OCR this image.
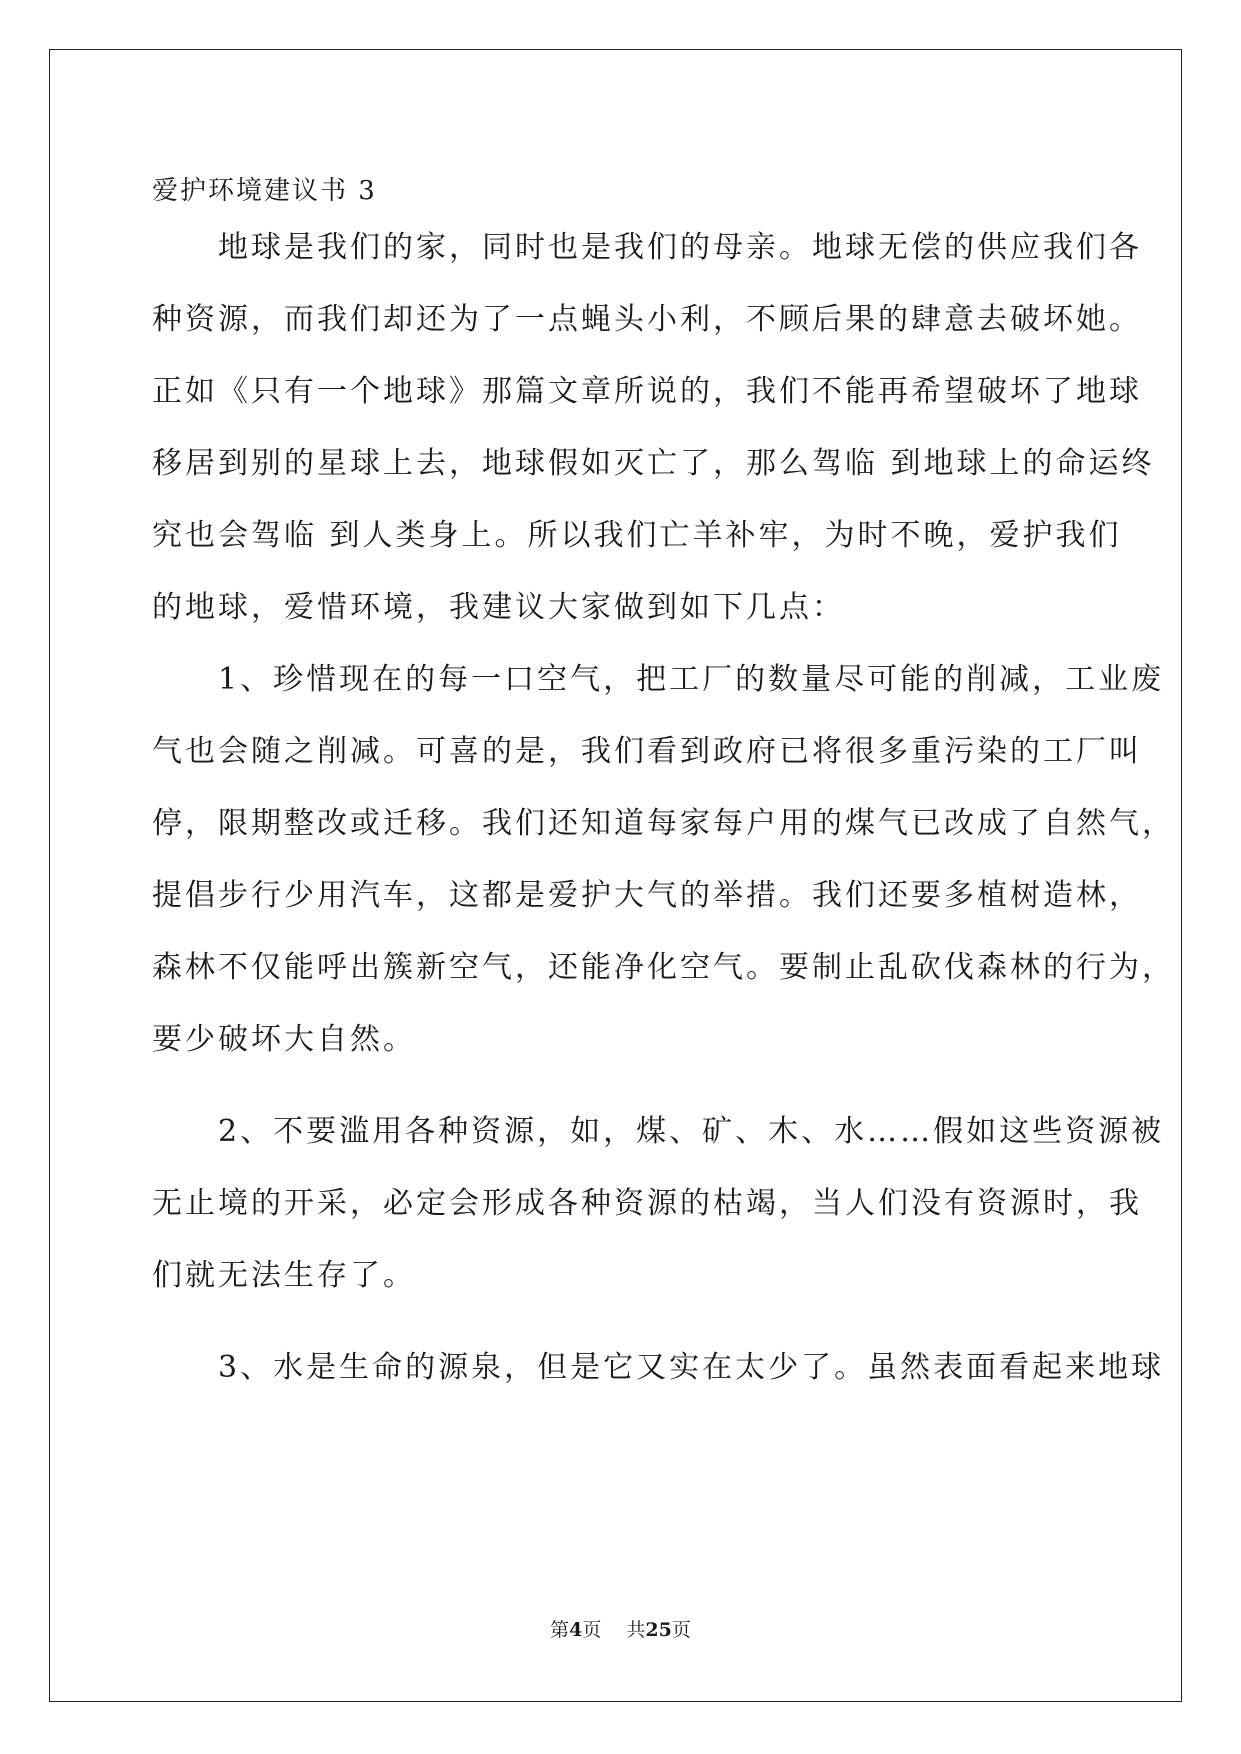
爱护环境建议书 3
　　地球是我们的家，同时也是我们的母亲。地球无偿的供应我们各
种资源，而我们却还为了一点蝇头小利，不顾后果的肆意去破坏她。
正如《只有一个地球》那篇文章所说的，我们不能再希望破坏了地球
移居到别的星球上去，地球假如灭亡了，那么驾临 到地球上的命运终
究也会驾临 到人类身上。所以我们亡羊补牢，为时不晚，爱护我们
的地球，爱惜环境，我建议大家做到如下几点：
　　1、珍惜现在的每一口空气，把工厂的数量尽可能的削减，工业废
气也会随之削减。可喜的是，我们看到政府已将很多重污染的工厂叫
停，限期整改或迁移。我们还知道每家每户用的煤气已改成了自然气，
提倡步行少用汽车，这都是爱护大气的举措。我们还要多植树造林，
森林不仅能呼出簇新空气，还能净化空气。要制止乱砍伐森林的行为，
要少破坏大自然。
　　2、不要滥用各种资源，如，煤、矿、木、水……假如这些资源被
无止境的开采，必定会形成各种资源的枯竭，当人们没有资源时，我
们就无法生存了。
　　3、水是生命的源泉，但是它又实在太少了。虽然表面看起来地球
第4页　 共25页
